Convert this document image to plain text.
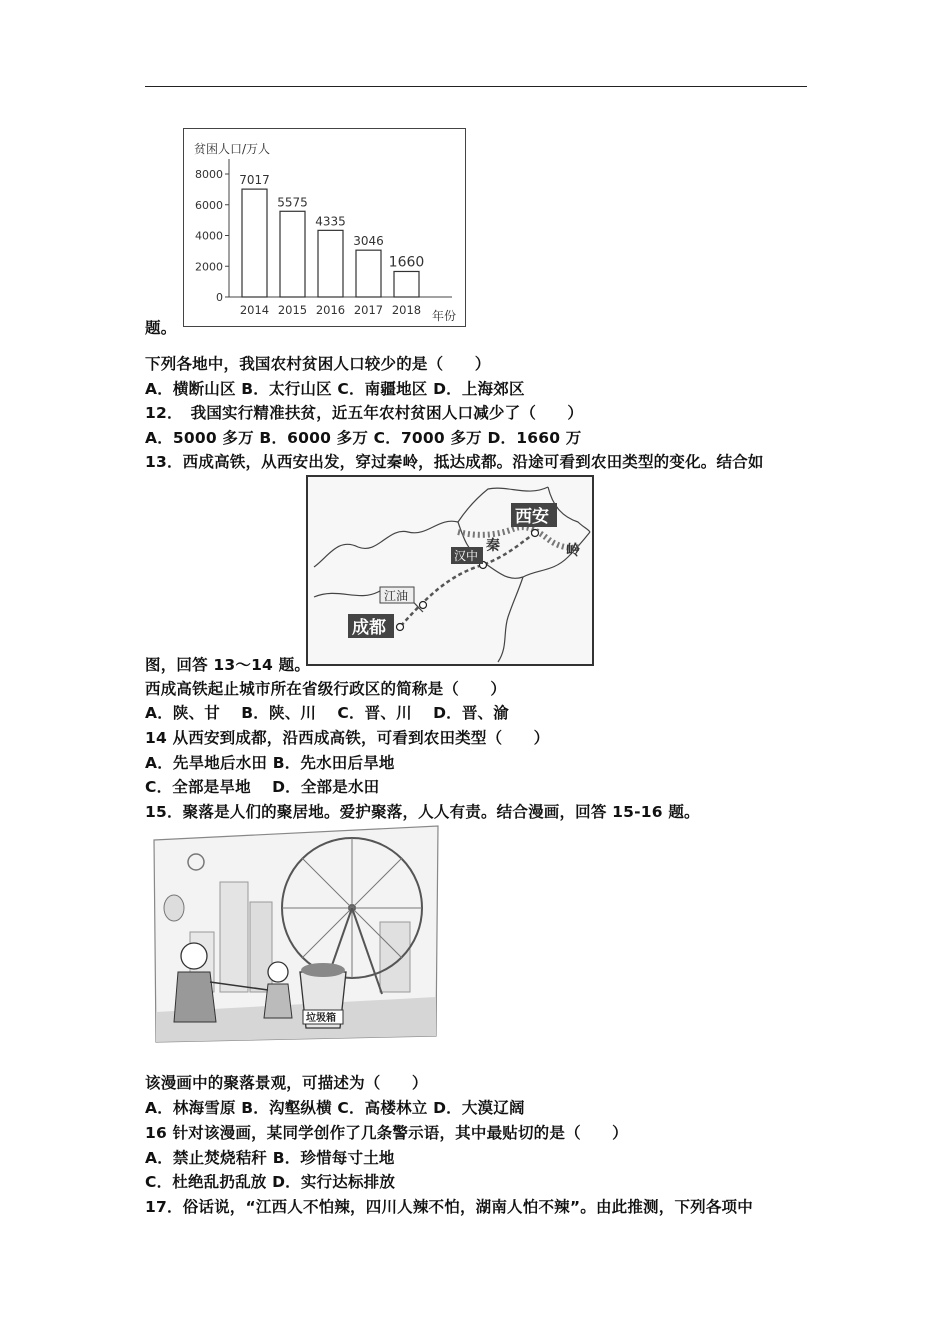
贫困人口/万人
0
2000
4000
6000
8000 7017
2014
5575
2015
4335
2016
3046
2017
1660
2018 年份
题。
下列各地中，我国农村贫困人口较少的是（　　）
A．横断山区 B．太行山区 C．南疆地区 D．上海郊区
12．　我国实行精准扶贫，近五年农村贫困人口减少了（　　）
A．5000 多万 B．6000 多万 C．7000 多万 D．1660 万
13．西成高铁，从西安出发，穿过秦岭，抵达成都。沿途可看到农田类型的变化。结合如
西安
汉中
江油
成都
秦	岭
图，回答 13～14 题。
西成高铁起止城市所在省级行政区的简称是（　　）
A．陕、甘　 B．陕、川　 C．晋、川　 D．晋、渝
14 从西安到成都，沿西成高铁，可看到农田类型（　　）
A．先旱地后水田 B．先水田后旱地
C．全部是旱地　 D．全部是水田
15．聚落是人们的聚居地。爱护聚落，人人有责。结合漫画，回答 15-16 题。
垃圾箱
该漫画中的聚落景观，可描述为（　　）
A．林海雪原 B．沟壑纵横 C．高楼林立 D．大漠辽阔
16 针对该漫画，某同学创作了几条警示语，其中最贴切的是（　　）
A．禁止焚烧秸秆 B．珍惜每寸土地
C．杜绝乱扔乱放 D．实行达标排放
17．俗话说，“江西人不怕辣，四川人辣不怕，湖南人怕不辣”。由此推测，下列各项中
